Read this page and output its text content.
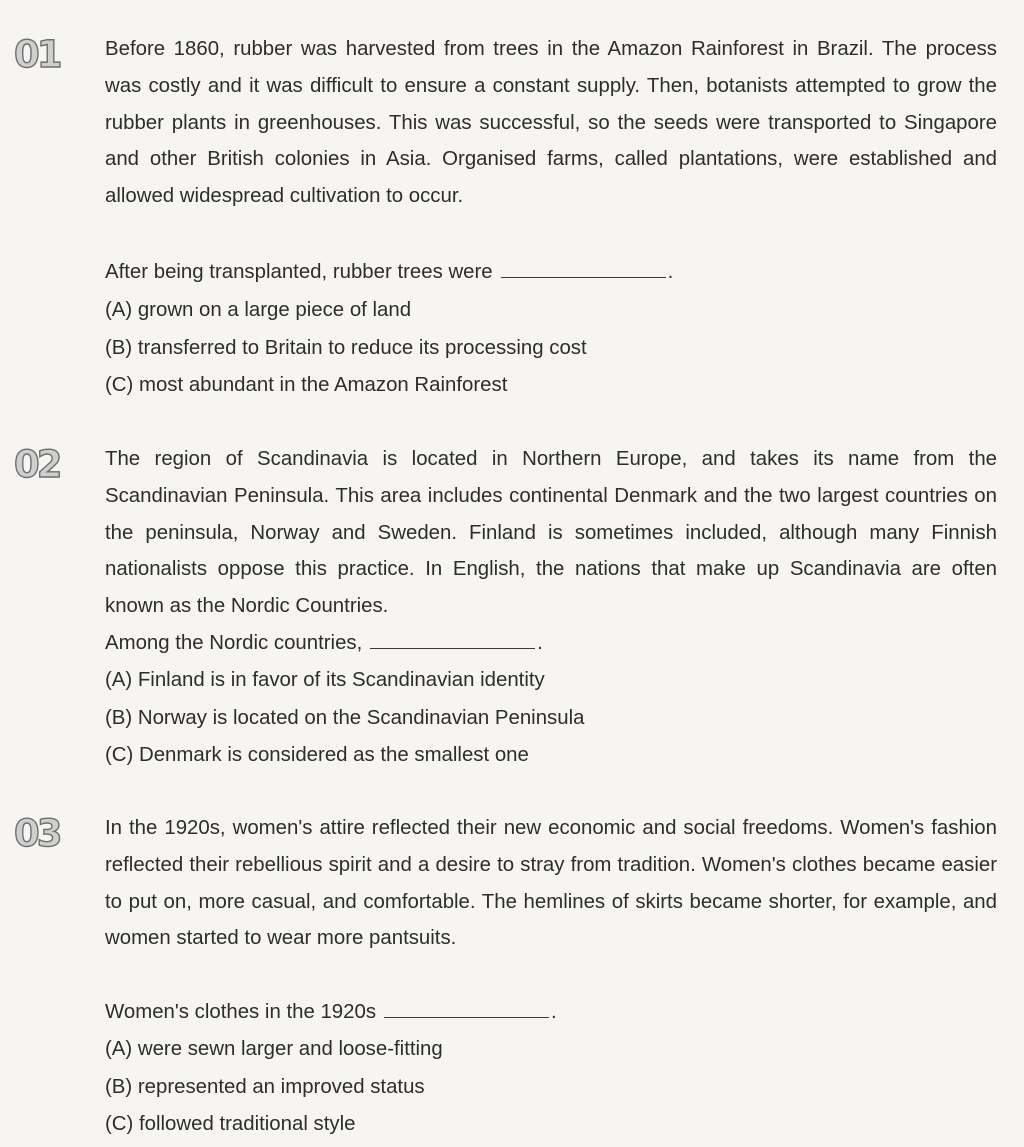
01 Before 1860, rubber was harvested from trees in the Amazon Rainforest in Brazil. The process was costly and it was difficult to ensure a constant supply. Then, botanists attempted to grow the rubber plants in greenhouses. This was successful, so the seeds were transported to Singapore and other British colonies in Asia. Organised farms, called plantations, were established and allowed widespread cultivation to occur.

After being transplanted, rubber trees were	.
(A) grown on a large piece of land
(B) transferred to Britain to reduce its processing cost
(C) most abundant in the Amazon Rainforest
02 The region of Scandinavia is located in Northern Europe, and takes its name from the Scandinavian Peninsula. This area includes continental Denmark and the two largest countries on the peninsula, Norway and Sweden. Finland is sometimes included, although many Finnish nationalists oppose this practice. In English, the nations that make up Scandinavia are often known as the Nordic Countries.

Among the Nordic countries,	.
(A) Finland is in favor of its Scandinavian identity
(B) Norway is located on the Scandinavian Peninsula
(C) Denmark is considered as the smallest one
03 In the 1920s, women's attire reflected their new economic and social freedoms. Women's fashion reflected their rebellious spirit and a desire to stray from tradition. Women's clothes became easier to put on, more casual, and comfortable. The hemlines of skirts became shorter, for example, and women started to wear more pantsuits.

Women's clothes in the 1920s	.
(A) were sewn larger and loose-fitting
(B) represented an improved status
(C) followed traditional style
